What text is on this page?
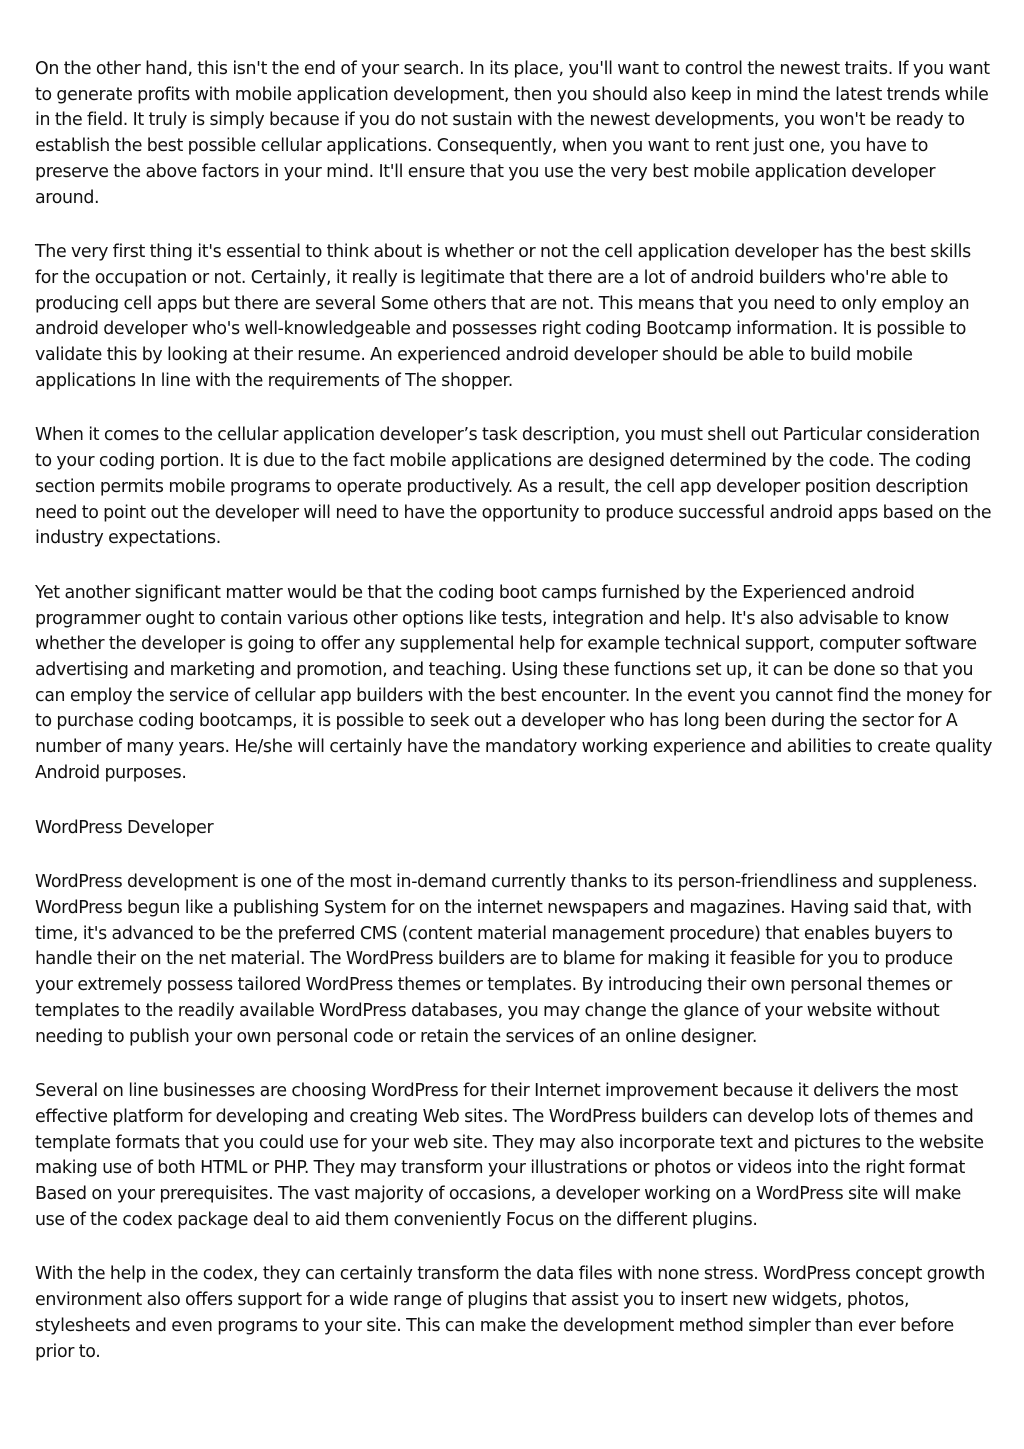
On the other hand, this isn't the end of your search. In its place, you'll want to control the newest traits. If you want to generate profits with mobile application development, then you should also keep in mind the latest trends while in the field. It truly is simply because if you do not sustain with the newest developments, you won't be ready to establish the best possible cellular applications. Consequently, when you want to rent just one, you have to preserve the above factors in your mind. It'll ensure that you use the very best mobile application developer around.

The very first thing it's essential to think about is whether or not the cell application developer has the best skills for the occupation or not. Certainly, it really is legitimate that there are a lot of android builders who're able to producing cell apps but there are several Some others that are not. This means that you need to only employ an android developer who's well-knowledgeable and possesses right coding Bootcamp information. It is possible to validate this by looking at their resume. An experienced android developer should be able to build mobile applications In line with the requirements of The shopper.

When it comes to the cellular application developer’s task description, you must shell out Particular consideration to your coding portion. It is due to the fact mobile applications are designed determined by the code. The coding section permits mobile programs to operate productively. As a result, the cell app developer position description need to point out the developer will need to have the opportunity to produce successful android apps based on the industry expectations.

Yet another significant matter would be that the coding boot camps furnished by the Experienced android programmer ought to contain various other options like tests, integration and help. It's also advisable to know whether the developer is going to offer any supplemental help for example technical support, computer software advertising and marketing and promotion, and teaching. Using these functions set up, it can be done so that you can employ the service of cellular app builders with the best encounter. In the event you cannot find the money for to purchase coding bootcamps, it is possible to seek out a developer who has long been during the sector for A number of many years. He/she will certainly have the mandatory working experience and abilities to create quality Android purposes.

WordPress Developer

WordPress development is one of the most in-demand currently thanks to its person-friendliness and suppleness. WordPress begun like a publishing System for on the internet newspapers and magazines. Having said that, with time, it's advanced to be the preferred CMS (content material management procedure) that enables buyers to handle their on the net material. The WordPress builders are to blame for making it feasible for you to produce your extremely possess tailored WordPress themes or templates. By introducing their own personal themes or templates to the readily available WordPress databases, you may change the glance of your website without needing to publish your own personal code or retain the services of an online designer.

Several on line businesses are choosing WordPress for their Internet improvement because it delivers the most effective platform for developing and creating Web sites. The WordPress builders can develop lots of themes and template formats that you could use for your web site. They may also incorporate text and pictures to the website making use of both HTML or PHP. They may transform your illustrations or photos or videos into the right format Based on your prerequisites. The vast majority of occasions, a developer working on a WordPress site will make use of the codex package deal to aid them conveniently Focus on the different plugins.

With the help in the codex, they can certainly transform the data files with none stress. WordPress concept growth environment also offers support for a wide range of plugins that assist you to insert new widgets, photos, stylesheets and even programs to your site. This can make the development method simpler than ever before prior to.
